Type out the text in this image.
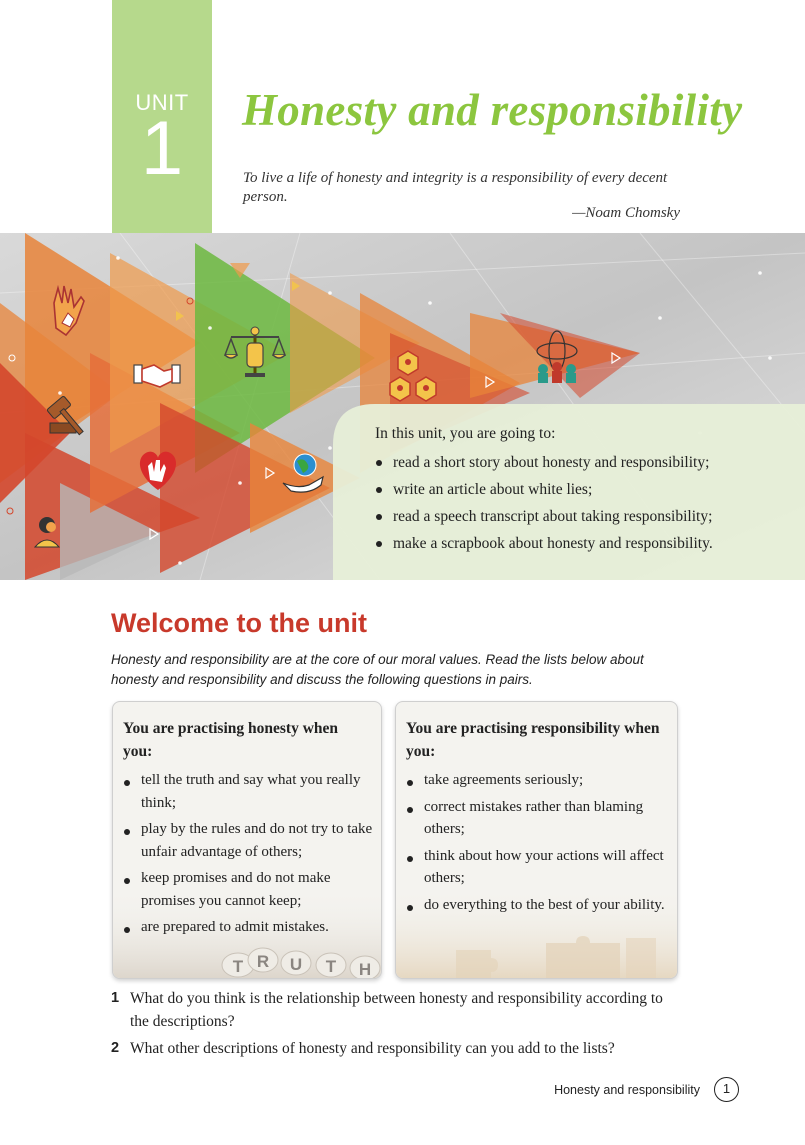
UNIT
1	Honesty and responsibility
To live a life of honesty and integrity is a responsibility of every decent person.
—Noam Chomsky
In this unit, you are going to:
read a short story about honesty and responsibility;
write an article about white lies;
read a speech transcript about taking responsibility;
make a scrapbook about honesty and responsibility.
Welcome to the unit
Honesty and responsibility are at the core of our moral values. Read the lists below about honesty and responsibility and discuss the following questions in pairs.
T R U T H
You are practising honesty when you:
tell the truth and say what you really think;
play by the rules and do not try to take unfair advantage of others;
keep promises and do not make promises you cannot keep;
are prepared to admit mistakes.
You are practising responsibility when you:
take agreements seriously;
correct mistakes rather than blaming others;
think about how your actions will affect others;
do everything to the best of your ability.
1 What do you think is the relationship between honesty and responsibility according to the descriptions?
2 What other descriptions of honesty and responsibility can you add to the lists?
Honesty and responsibility	1
